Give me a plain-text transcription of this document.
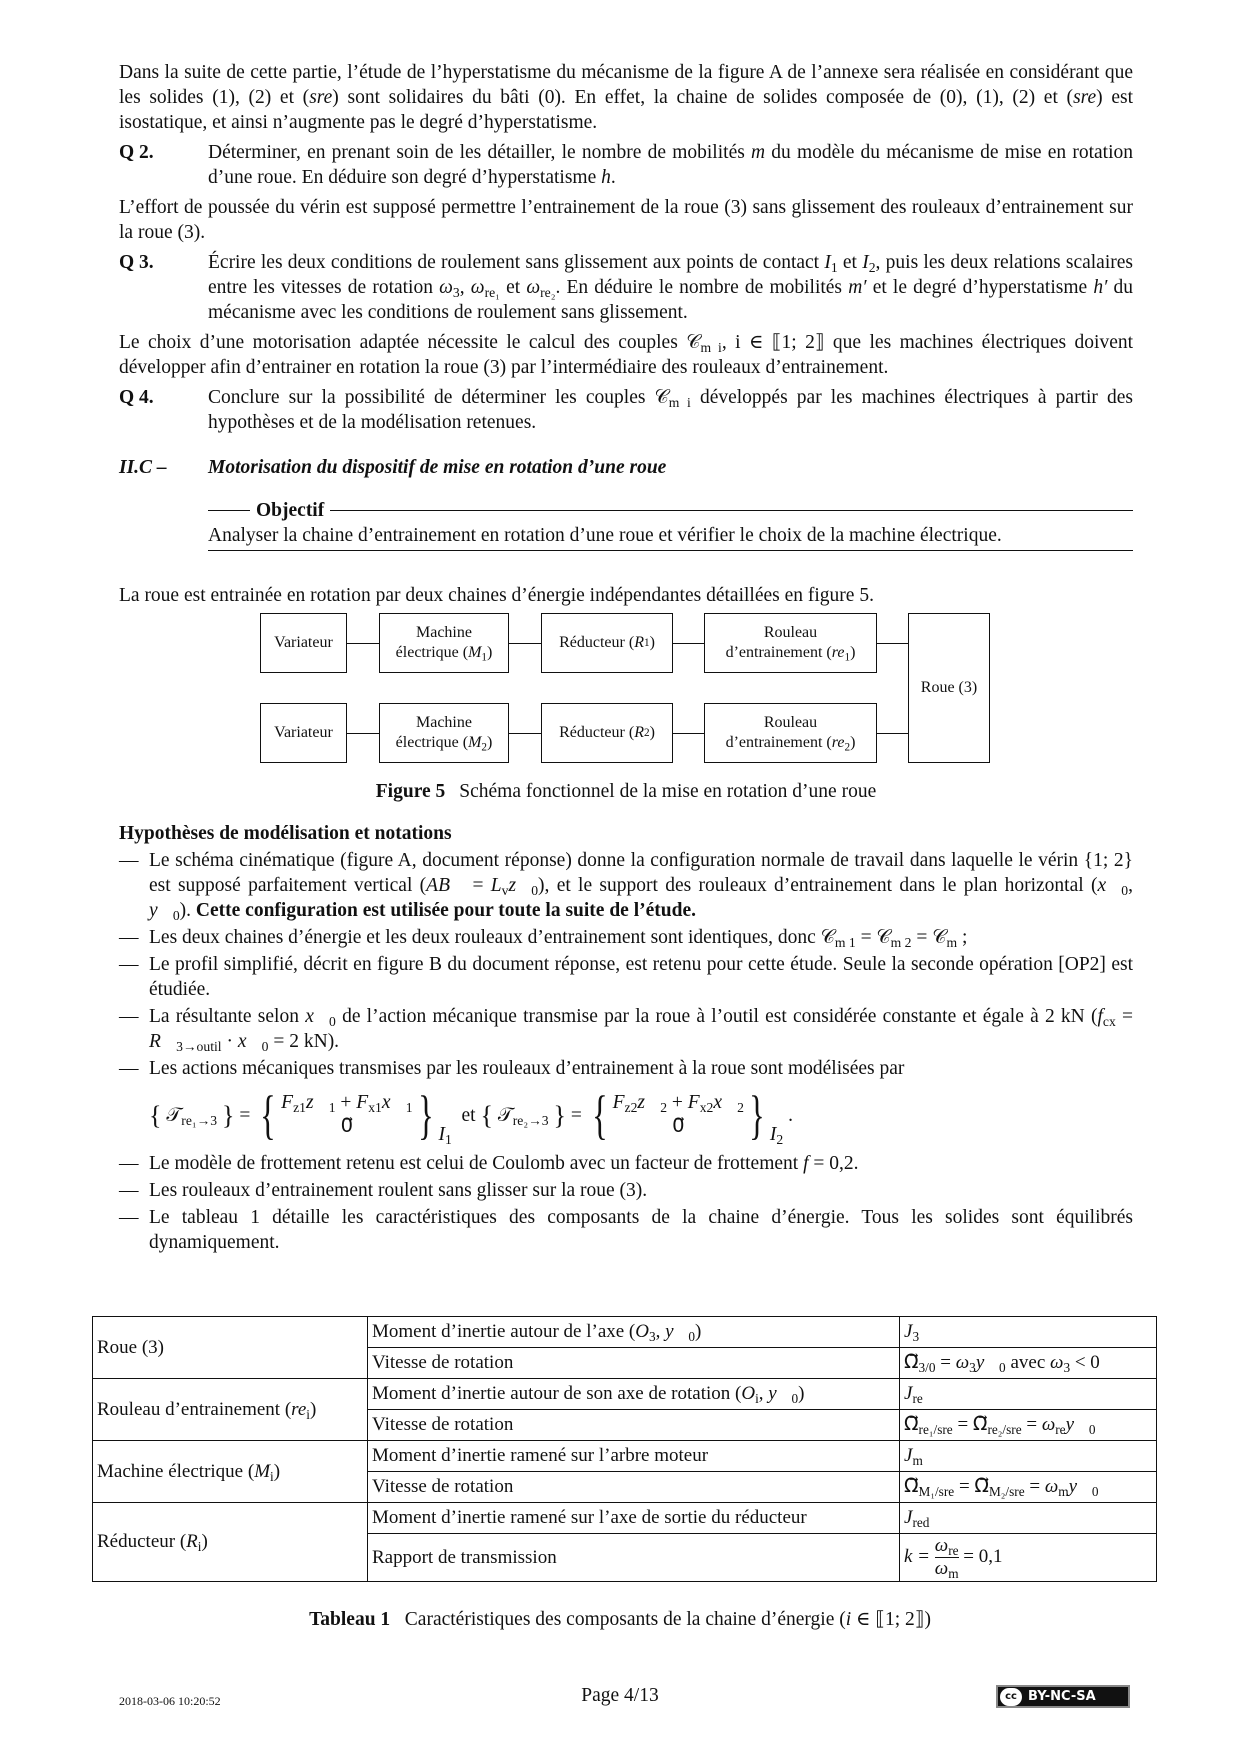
Dans la suite de cette partie, l’étude de l’hyperstatisme du mécanisme de la figure A de l’annexe sera réalisée en considérant que les solides (1), (2) et (sre) sont solidaires du bâti (0). En effet, la chaine de solides composée de (0), (1), (2) et (sre) est isostatique, et ainsi n’augmente pas le degré d’hyperstatisme.

Q 2.	Déterminer, en prenant soin de les détailler, le nombre de mobilités m du modèle du mécanisme de mise en rotation d’une roue. En déduire son degré d’hyperstatisme h.

L’effort de poussée du vérin est supposé permettre l’entrainement de la roue (3) sans glissement des rouleaux d’entrainement sur la roue (3).

Q 3.	Écrire les deux conditions de roulement sans glissement aux points de contact $I_1$ et $I_2$, puis les deux relations scalaires entre les vitesses de rotation $\omega_3$, $\omega_{re_1}$ et $\omega_{re_2}$. En déduire le nombre de mobilités m′ et le degré d’hyperstatisme h′ du mécanisme avec les conditions de roulement sans glissement.

Le choix d’une motorisation adaptée nécessite le calcul des couples 𝒞$_{m i}$, i ∈ ⟦1; 2⟧ que les machines électriques doivent développer afin d’entrainer en rotation la roue (3) par l’intermédiaire des rouleaux d’entrainement.

Q 4.	Conclure sur la possibilité de déterminer les couples 𝒞$_{m i}$ développés par les machines électriques à partir des hypothèses et de la modélisation retenues.
II.C –	Motorisation du dispositif de mise en rotation d’une roue
Objectif
Analyser la chaine d’entrainement en rotation d’une roue et vérifier le choix de la machine électrique.

La roue est entrainée en rotation par deux chaines d’énergie indépendantes détaillées en figure 5.

Variateur
Machine
électrique $(M_1)$
Réducteur ( R 1 )
Rouleau
d’entrainement $(re_1)$
Variateur
Machine
électrique $(M_2)$
Réducteur ( R 2 )
Rouleau
d’entrainement $(re_2)$
Roue (3)
Figure 5 Schéma fonctionnel de la mise en rotation d’une roue
Hypothèses de modélisation et notations
— Le schéma cinématique (figure A, document réponse) donne la configuration normale de travail dans laquelle le vérin {1; 2} est supposé parfaitement vertical (AB⃗ = $L_vz⃗_0$), et le support des rouleaux d’entrainement dans le plan horizontal ($x⃗_0$, $y⃗_0$). Cette configuration est utilisée pour toute la suite de l’étude.
— Les deux chaines d’énergie et les deux rouleaux d’entrainement sont identiques, donc 𝒞$_{m 1}$ = 𝒞$_{m 2}$ = 𝒞$_m$ ;
— Le profil simplifié, décrit en figure B du document réponse, est retenu pour cette étude. Seule la seconde opération [OP2] est étudiée.
— La résultante selon $x⃗_0$ de l’action mécanique transmise par la roue à l’outil est considérée constante et égale à 2 kN ($f_{cx}$ = $R⃗_{3\to outil}$ · $x⃗_0 = 2$ kN).
— Les actions mécaniques transmises par les rouleaux d’entrainement à la roue sont modélisées par
{
𝒯$_{re_1\to 3}$
} = { $F_{z1}z⃗_1$ + $F_{x1}x⃗_1$
0⃗ } $I_1$

et
{
𝒯$_{re_2\to 3}$
} = { $F_{z2}z⃗_2$ + $F_{x2}x⃗_2$
0⃗ } $I_2$
.
— Le modèle de frottement retenu est celui de Coulomb avec un facteur de frottement f = 0,2.
— Les rouleaux d’entrainement roulent sans glisser sur la roue (3).
— Le tableau 1 détaille les caractéristiques des composants de la chaine d’énergie. Tous les solides sont équilibrés dynamiquement.
Roue (3)	Moment d’inertie autour de l’axe ($O_3$, $y⃗_0$)	$J_3$
	Vitesse de rotation	$\Omega⃗_{3/0}$ = $\omega_3y⃗_0$ avec $\omega_3 < 0$
Rouleau d’entrainement $(re_i)$	Moment d’inertie autour de son axe de rotation ($O_i$, $y⃗_0$)	$J_{re}$
	Vitesse de rotation	$\Omega⃗_{re_1/sre}$ = $\Omega⃗_{re_2/sre}$ = $\omega_{re}y⃗_0$
Machine électrique $(M_i)$	Moment d’inertie ramené sur l’arbre moteur	$J_m$
	Vitesse de rotation	$\Omega⃗_{M_1/sre}$ = $\Omega⃗_{M_2/sre}$ = $\omega_my⃗_0$
Réducteur $(R_i)$	Moment d’inertie ramené sur l’axe de sortie du réducteur	$J_{red}$
	Rapport de transmission	$k = \frac{\omega_{re}}{\omega_m} = 0,1$
Tableau 1 Caractéristiques des composants de la chaine d’énergie (i ∈ ⟦1; 2⟧)
2018-03-06 10:20:52	Page 4/13	cc BY-NC-SA
